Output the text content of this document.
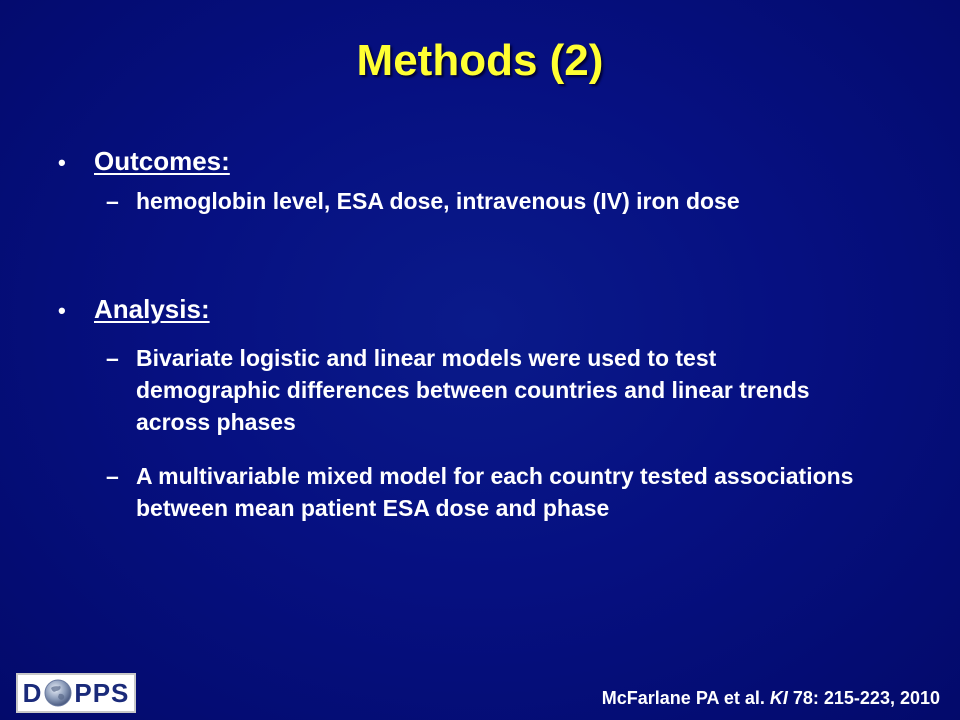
Methods (2)
•	Outcomes:
– hemoglobin level, ESA dose, intravenous (IV) iron dose
•	Analysis:
– Bivariate logistic and linear models were used to test demographic differences between countries and linear trends across phases
– A multivariable mixed model for each country tested associations between mean patient ESA dose and phase
D PPS	McFarlane PA et al. KI 78: 215-223, 2010
